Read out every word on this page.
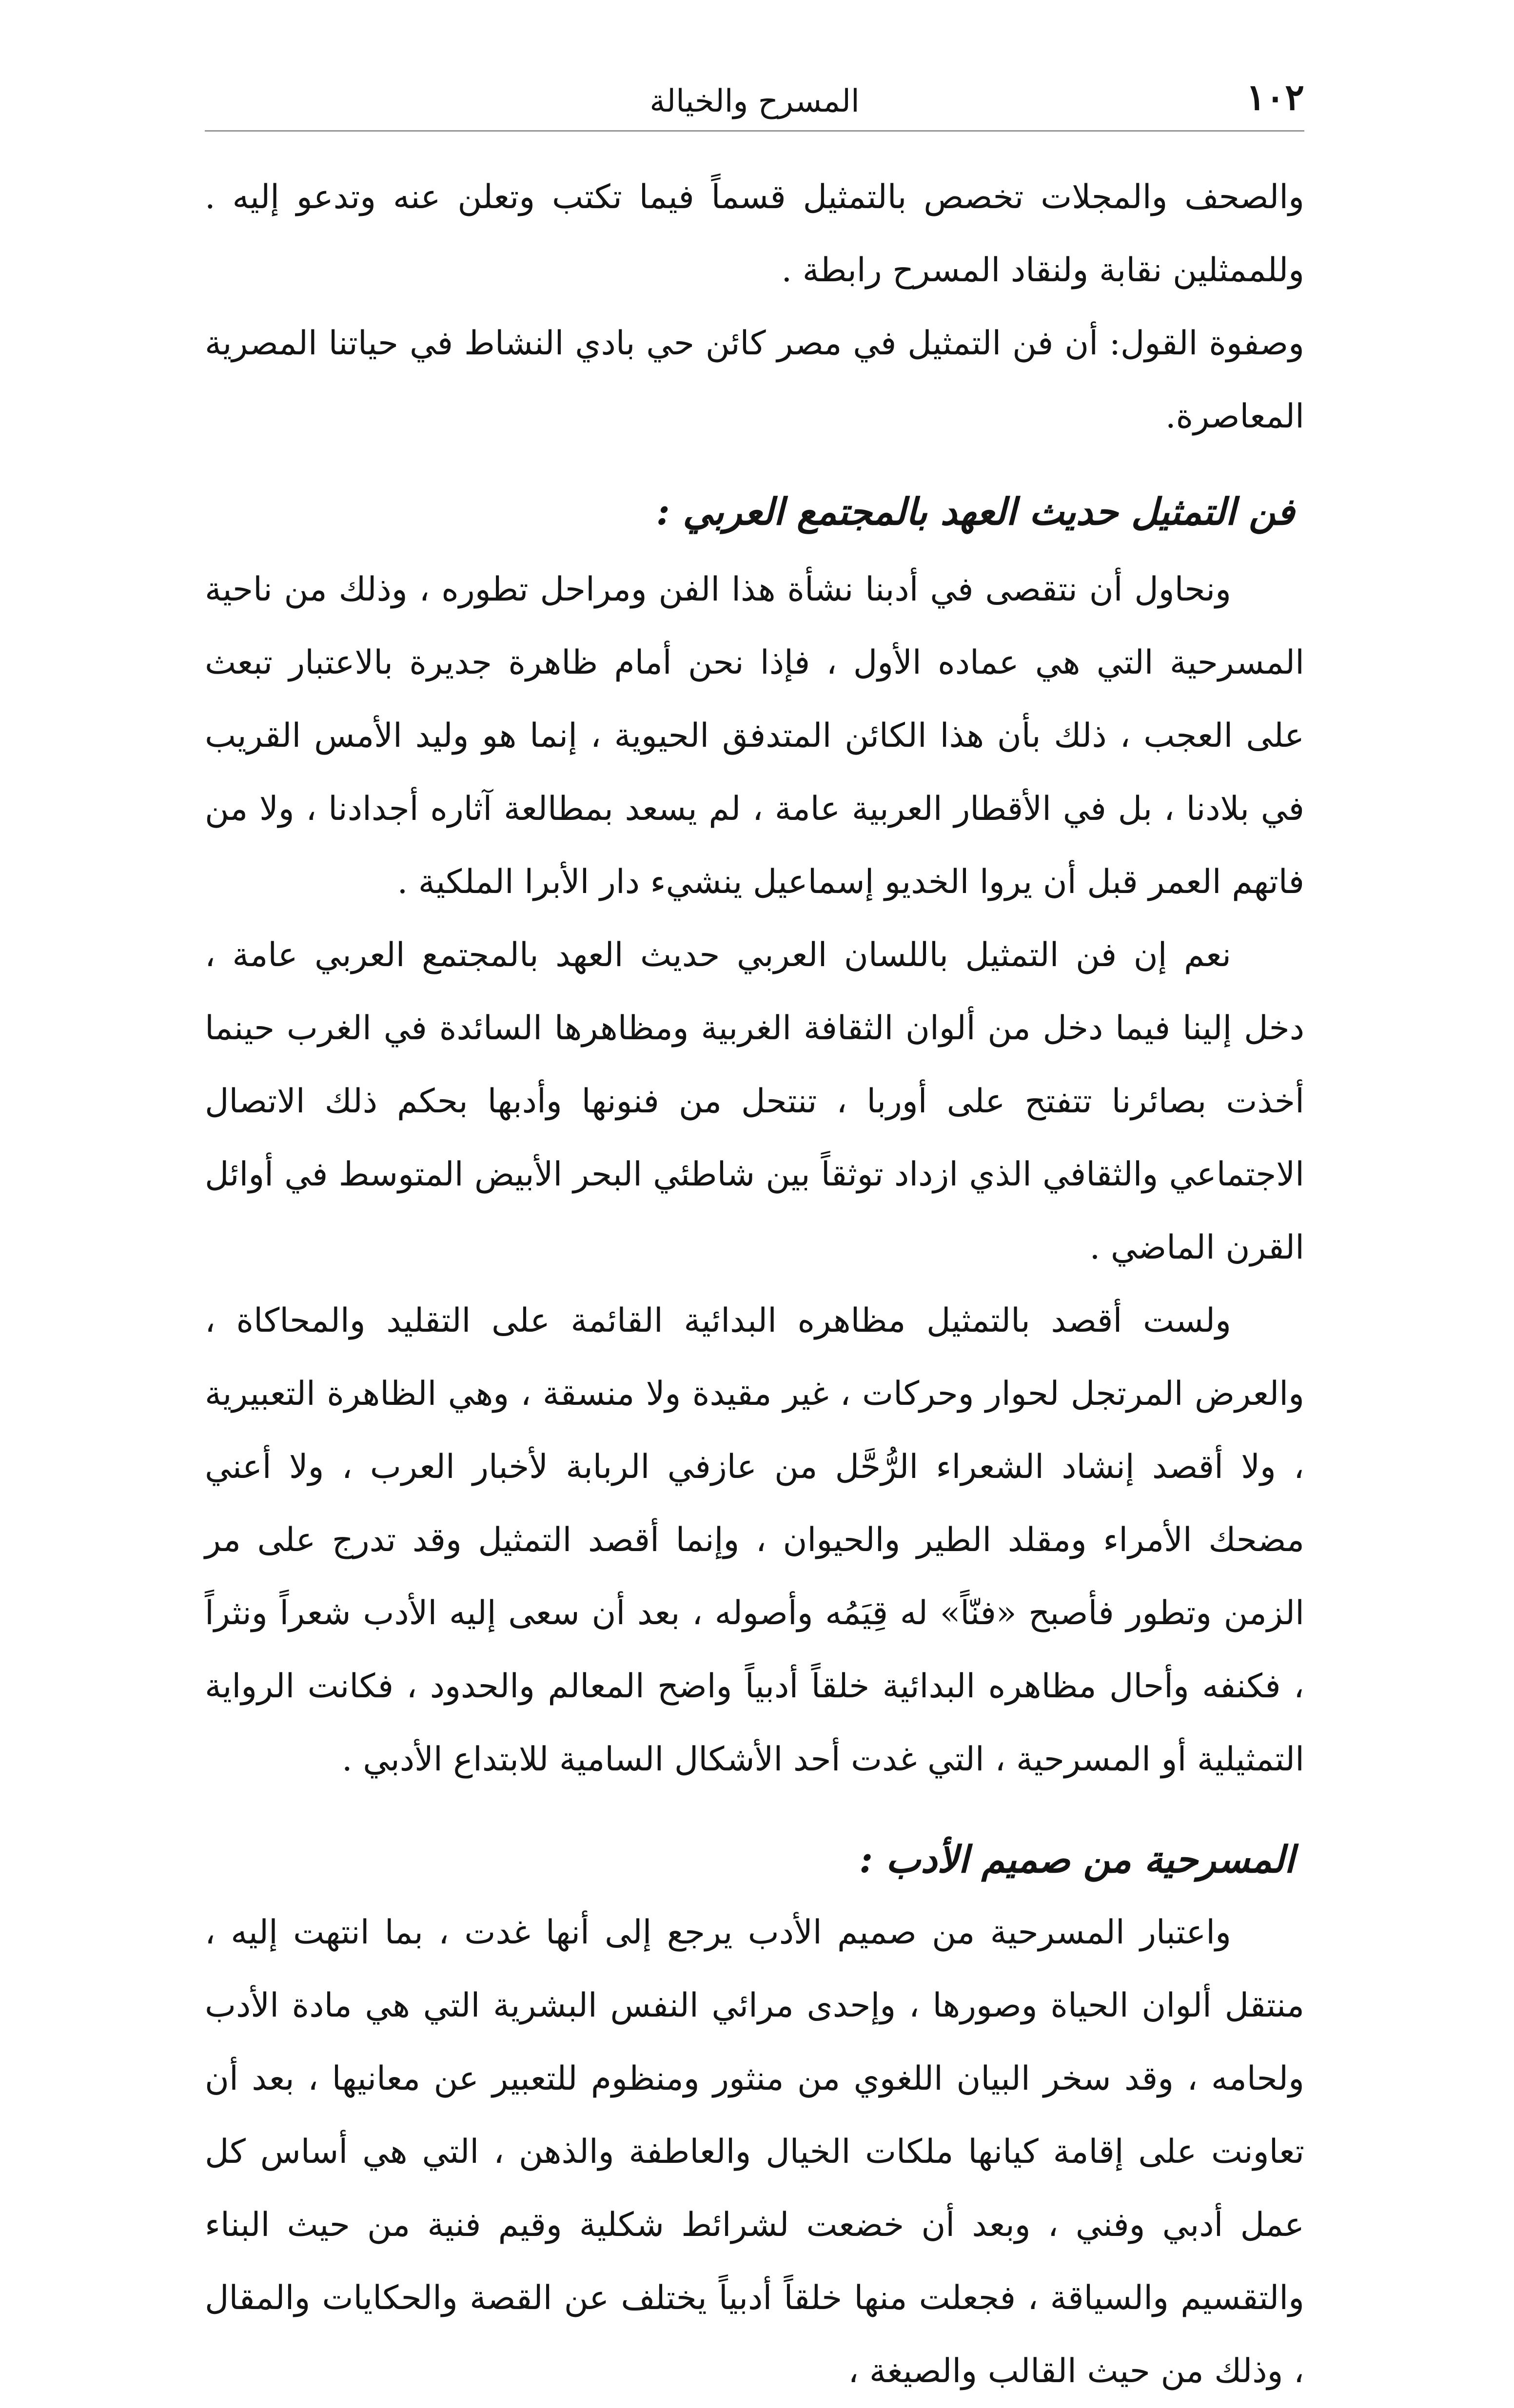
١٠٢
المسرح والخيالة

والصحف والمجلات تخصص بالتمثيل قسماً فيما تكتب وتعلن عنه وتدعو إليه . وللممثلين نقابة ولنقاد المسرح رابطة .

وصفوة القول: أن فن التمثيل في مصر كائن حي بادي النشاط في حياتنا المصرية المعاصرة.

فن التمثيل حديث العهد بالمجتمع العربي :

ونحاول أن نتقصى في أدبنا نشأة هذا الفن ومراحل تطوره ، وذلك من ناحية المسرحية التي هي عماده الأول ، فإذا نحن أمام ظاهرة جديرة بالاعتبار تبعث على العجب ، ذلك بأن هذا الكائن المتدفق الحيوية ، إنما هو وليد الأمس القريب في بلادنا ، بل في الأقطار العربية عامة ، لم يسعد بمطالعة آثاره أجدادنا ، ولا من فاتهم العمر قبل أن يروا الخديو إسماعيل ينشيء دار الأبرا الملكية .

نعم إن فن التمثيل باللسان العربي حديث العهد بالمجتمع العربي عامة ، دخل إلينا فيما دخل من ألوان الثقافة الغربية ومظاهرها السائدة في الغرب حينما أخذت بصائرنا تتفتح على أوربا ، تنتحل من فنونها وأدبها بحكم ذلك الاتصال الاجتماعي والثقافي الذي ازداد توثقاً بين شاطئي البحر الأبيض المتوسط في أوائل القرن الماضي .

ولست أقصد بالتمثيل مظاهره البدائية القائمة على التقليد والمحاكاة ، والعرض المرتجل لحوار وحركات ، غير مقيدة ولا منسقة ، وهي الظاهرة التعبيرية ، ولا أقصد إنشاد الشعراء الرُّحَّل من عازفي الربابة لأخبار العرب ، ولا أعني مضحك الأمراء ومقلد الطير والحيوان ، وإنما أقصد التمثيل وقد تدرج على مر الزمن وتطور فأصبح «فنّاً» له قِيَمُه وأصوله ، بعد أن سعى إليه الأدب شعراً ونثراً ، فكنفه وأحال مظاهره البدائية خلقاً أدبياً واضح المعالم والحدود ، فكانت الرواية التمثيلية أو المسرحية ، التي غدت أحد الأشكال السامية للابتداع الأدبي .

المسرحية من صميم الأدب :

واعتبار المسرحية من صميم الأدب يرجع إلى أنها غدت ، بما انتهت إليه ، منتقل ألوان الحياة وصورها ، وإحدى مرائي النفس البشرية التي هي مادة الأدب ولحامه ، وقد سخر البيان اللغوي من منثور ومنظوم للتعبير عن معانيها ، بعد أن تعاونت على إقامة كيانها ملكات الخيال والعاطفة والذهن ، التي هي أساس كل عمل أدبي وفني ، وبعد أن خضعت لشرائط شكلية وقيم فنية من حيث البناء والتقسيم والسياقة ، فجعلت منها خلقاً أدبياً يختلف عن القصة والحكايات والمقال ، وذلك من حيث القالب والصيغة ،
